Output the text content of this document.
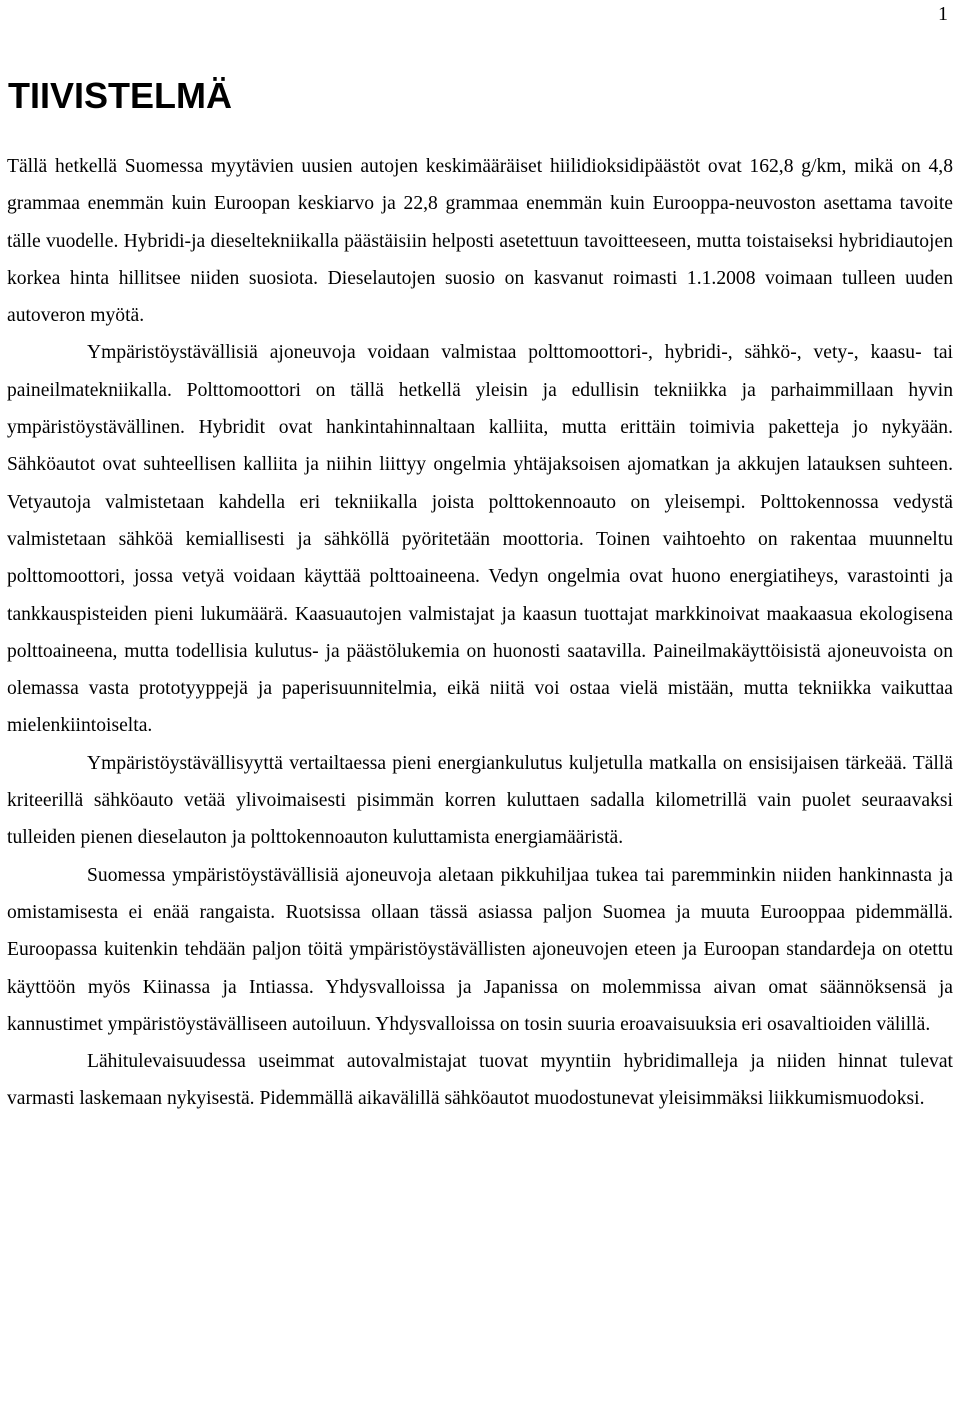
1
TIIVISTELMÄ

Tällä hetkellä Suomessa myytävien uusien autojen keskimääräiset hiilidioksidipäästöt ovat 162,8 g/km, mikä on 4,8 grammaa enemmän kuin Euroopan keskiarvo ja 22,8 grammaa enemmän kuin Eurooppa-neuvoston asettama tavoite tälle vuodelle. Hybridi-ja dieseltekniikalla päästäisiin helposti asetettuun tavoitteeseen, mutta toistaiseksi hybridiautojen korkea hinta hillitsee niiden suosiota. Dieselautojen suosio on kasvanut roimasti 1.1.2008 voimaan tulleen uuden autoveron myötä.

Ympäristöystävällisiä ajoneuvoja voidaan valmistaa polttomoottori-, hybridi-, sähkö-, vety-, kaasu- tai paineilmatekniikalla. Polttomoottori on tällä hetkellä yleisin ja edullisin tekniikka ja parhaimmillaan hyvin ympäristöystävällinen. Hybridit ovat hankintahinnaltaan kalliita, mutta erittäin toimivia paketteja jo nykyään. Sähköautot ovat suhteellisen kalliita ja niihin liittyy ongelmia yhtäjaksoisen ajomatkan ja akkujen latauksen suhteen. Vetyautoja valmistetaan kahdella eri tekniikalla joista polttokennoauto on yleisempi. Polttokennossa vedystä valmistetaan sähköä kemiallisesti ja sähköllä pyöritetään moottoria. Toinen vaihtoehto on rakentaa muunneltu polttomoottori, jossa vetyä voidaan käyttää polttoaineena. Vedyn ongelmia ovat huono energiatiheys, varastointi ja tankkauspisteiden pieni lukumäärä. Kaasuautojen valmistajat ja kaasun tuottajat markkinoivat maakaasua ekologisena polttoaineena, mutta todellisia kulutus- ja päästölukemia on huonosti saatavilla. Paineilmakäyttöisistä ajoneuvoista on olemassa vasta prototyyppejä ja paperisuunnitelmia, eikä niitä voi ostaa vielä mistään, mutta tekniikka vaikuttaa mielenkiintoiselta.

Ympäristöystävällisyyttä vertailtaessa pieni energiankulutus kuljetulla matkalla on ensisijaisen tärkeää. Tällä kriteerillä sähköauto vetää ylivoimaisesti pisimmän korren kuluttaen sadalla kilometrillä vain puolet seuraavaksi tulleiden pienen dieselauton ja polttokennoauton kuluttamista energiamääristä.

Suomessa ympäristöystävällisiä ajoneuvoja aletaan pikkuhiljaa tukea tai paremminkin niiden hankinnasta ja omistamisesta ei enää rangaista. Ruotsissa ollaan tässä asiassa paljon Suomea ja muuta Eurooppaa pidemmällä. Euroopassa kuitenkin tehdään paljon töitä ympäristöystävällisten ajoneuvojen eteen ja Euroopan standardeja on otettu käyttöön myös Kiinassa ja Intiassa. Yhdysvalloissa ja Japanissa on molemmissa aivan omat säännöksensä ja kannustimet ympäristöystävälliseen autoiluun. Yhdysvalloissa on tosin suuria eroavaisuuksia eri osavaltioiden välillä.

Lähitulevaisuudessa useimmat autovalmistajat tuovat myyntiin hybridimalleja ja niiden hinnat tulevat varmasti laskemaan nykyisestä. Pidemmällä aikavälillä sähköautot muodostunevat yleisimmäksi liikkumismuodoksi.
